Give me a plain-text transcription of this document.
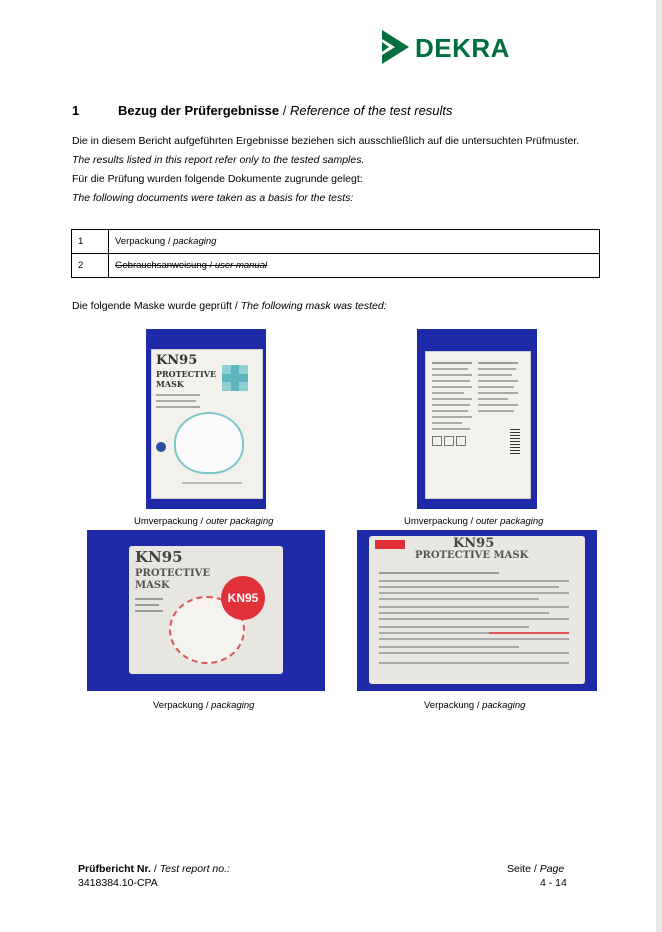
DEKRA
1	Bezug der Prüfergebnisse / Reference of the test results
Die in diesem Bericht aufgeführten Ergebnisse beziehen sich ausschließlich auf die untersuchten Prüfmuster.
The results listed in this report refer only to the tested samples.
Für die Prüfung wurden folgende Dokumente zugrunde gelegt:
The following documents were taken as a basis for the tests:
1	Verpackung / packaging
2	Gebrauchsanweisung / user manual
Die folgende Maske wurde geprüft / The following mask was tested:
KN95
PROTECTIVE
MASK
Umverpackung / outer packaging	Umverpackung / outer packaging
KN95
PROTECTIVE
MASK
KN95
Verpackung / packaging
KN95
PROTECTIVE MASK
Verpackung / packaging
Prüfbericht Nr. / Test report no.:
3418384.10-CPA
Seite / Page
4 - 14
